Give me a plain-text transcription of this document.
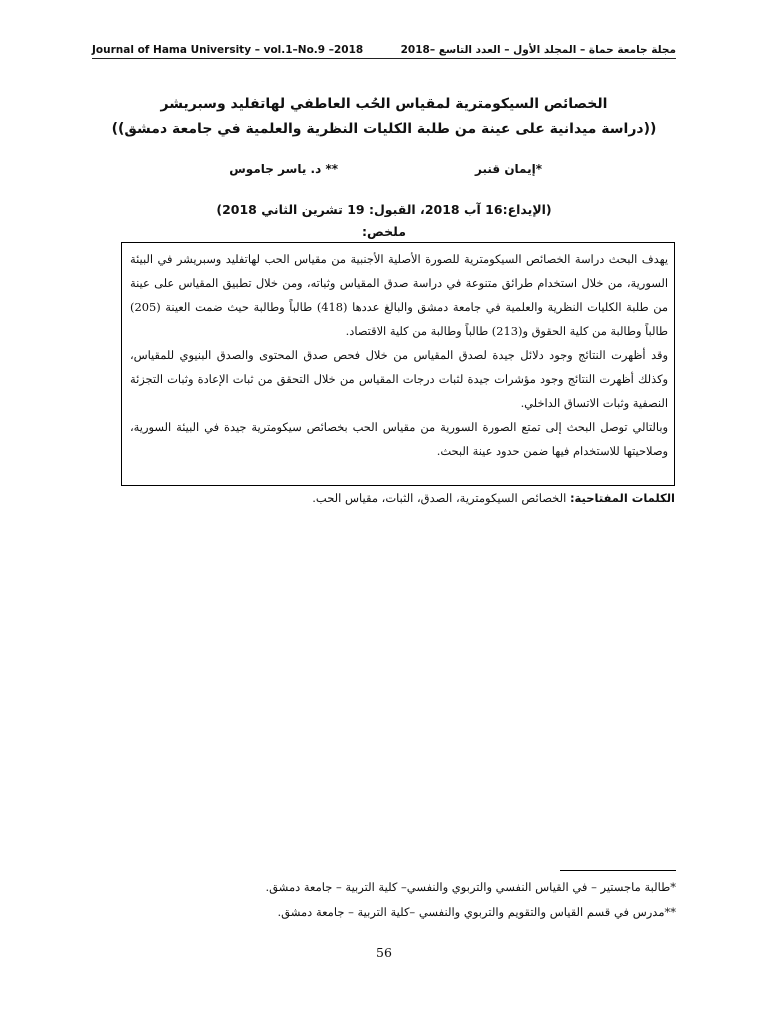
Journal of Hama University – vol.1–No.9 –2018	مجلة جامعة حماة – المجلد الأول – العدد التاسع –2018
الخصائص السيكومترية لمقياس الحُب العاطفي لهاتفليد وسبريشر
((دراسة ميدانية على عينة من طلبة الكليات النظرية والعلمية في جامعة دمشق))
*إيمان قنبر
** د. ياسر جاموس
(الإيداع:16 آب 2018، القبول: 19 تشرين الثاني 2018)
ملخص:

يهدف البحث دراسة الخصائص السيكومترية للصورة الأصلية الأجنبية من مقياس الحب لهاتفليد وسبريشر في البيئة السورية، من خلال استخدام طرائق متنوعة في دراسة صدق المقياس وثباته، ومن خلال تطبيق المقياس على عينة من طلبة الكليات النظرية والعلمية في جامعة دمشق والبالغ عددها (418) طالباً وطالبة حيث ضمت العينة (205) طالباً وطالبة من كلية الحقوق و(213) طالباً وطالبة من كلية الاقتصاد.

وقد أظهرت النتائج وجود دلائل جيدة لصدق المقياس من خلال فحص صدق المحتوى والصدق البنيوي للمقياس، وكذلك أظهرت النتائج وجود مؤشرات جيدة لثبات درجات المقياس من خلال التحقق من ثبات الإعادة وثبات التجزئة النصفية وثبات الاتساق الداخلي.

وبالتالي توصل البحث إلى تمتع الصورة السورية من مقياس الحب بخصائص سيكومترية جيدة في البيئة السورية، وصلاحيتها للاستخدام فيها ضمن حدود عينة البحث.

الكلمات المفتاحية: الخصائص السيكومترية، الصدق، الثبات، مقياس الحب.
*طالبة ماجستير – في القياس النفسي والتربوي والنفسي– كلية التربية – جامعة دمشق.
**مدرس في قسم القياس والتقويم والتربوي والنفسي –كلية التربية – جامعة دمشق.
56
